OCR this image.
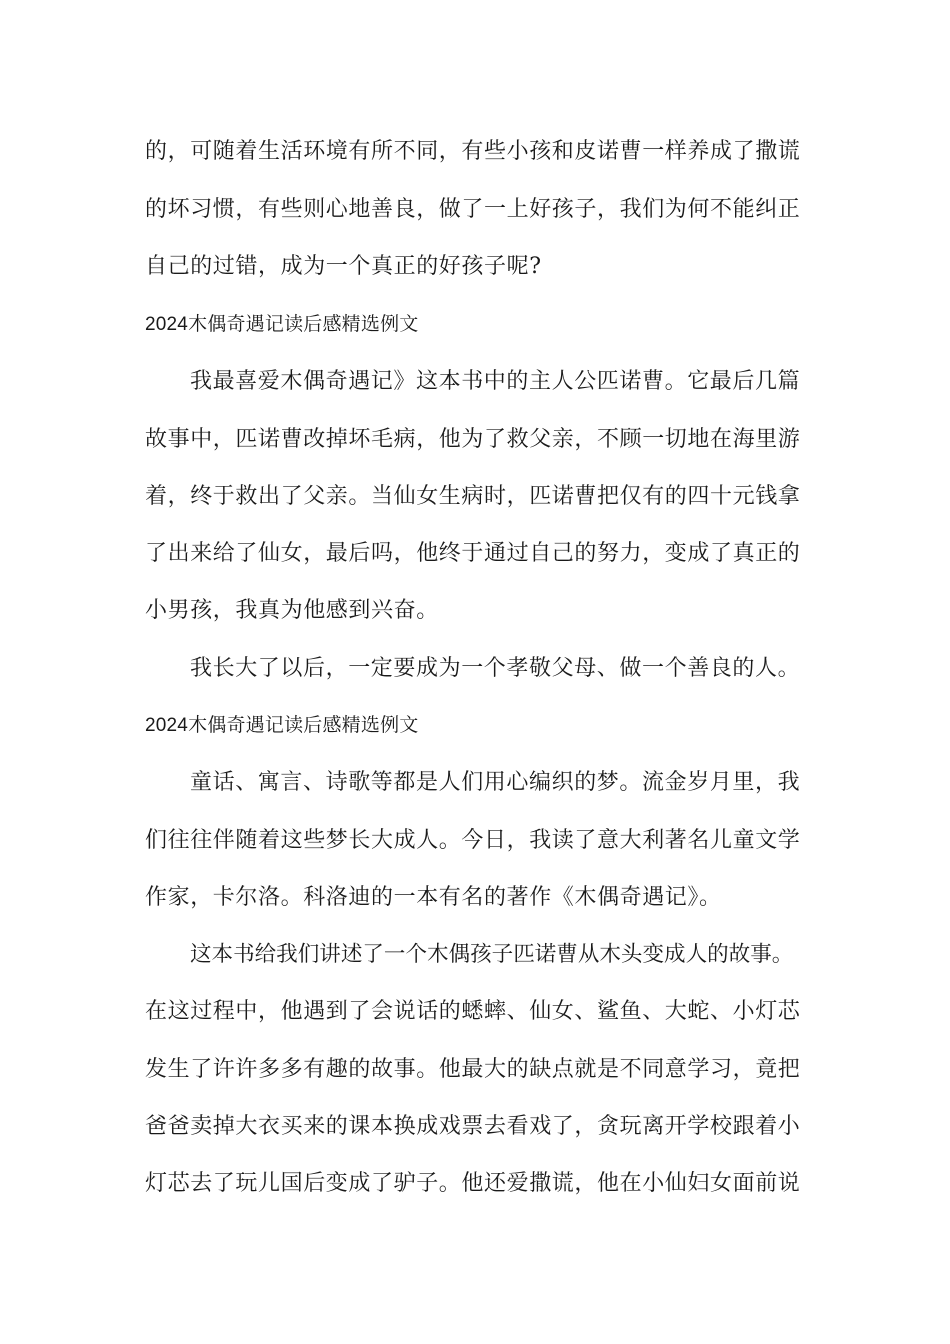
的，可随着生活环境有所不同，有些小孩和皮诺曹一样养成了撒谎
的坏习惯，有些则心地善良，做了一上好孩子，我们为何不能纠正
自己的过错，成为一个真正的好孩子呢?
2024木偶奇遇记读后感精选例文
我最喜爱木偶奇遇记》这本书中的主人公匹诺曹。它最后几篇
故事中，匹诺曹改掉坏毛病，他为了救父亲，不顾一切地在海里游
着，终于救出了父亲。当仙女生病时，匹诺曹把仅有的四十元钱拿
了出来给了仙女，最后吗，他终于通过自己的努力，变成了真正的
小男孩，我真为他感到兴奋。
我长大了以后，一定要成为一个孝敬父母、做一个善良的人。
2024木偶奇遇记读后感精选例文
童话、寓言、诗歌等都是人们用心编织的梦。流金岁月里，我
们往往伴随着这些梦长大成人。今日，我读了意大利著名儿童文学
作家，卡尔洛。科洛迪的一本有名的著作《木偶奇遇记》。
这本书给我们讲述了一个木偶孩子匹诺曹从木头变成人的故事。
在这过程中，他遇到了会说话的蟋蟀、仙女、鲨鱼、大蛇、小灯芯
发生了许许多多有趣的故事。他最大的缺点就是不同意学习，竟把
爸爸卖掉大衣买来的课本换成戏票去看戏了，贪玩离开学校跟着小
灯芯去了玩儿国后变成了驴子。他还爱撒谎，他在小仙妇女面前说
